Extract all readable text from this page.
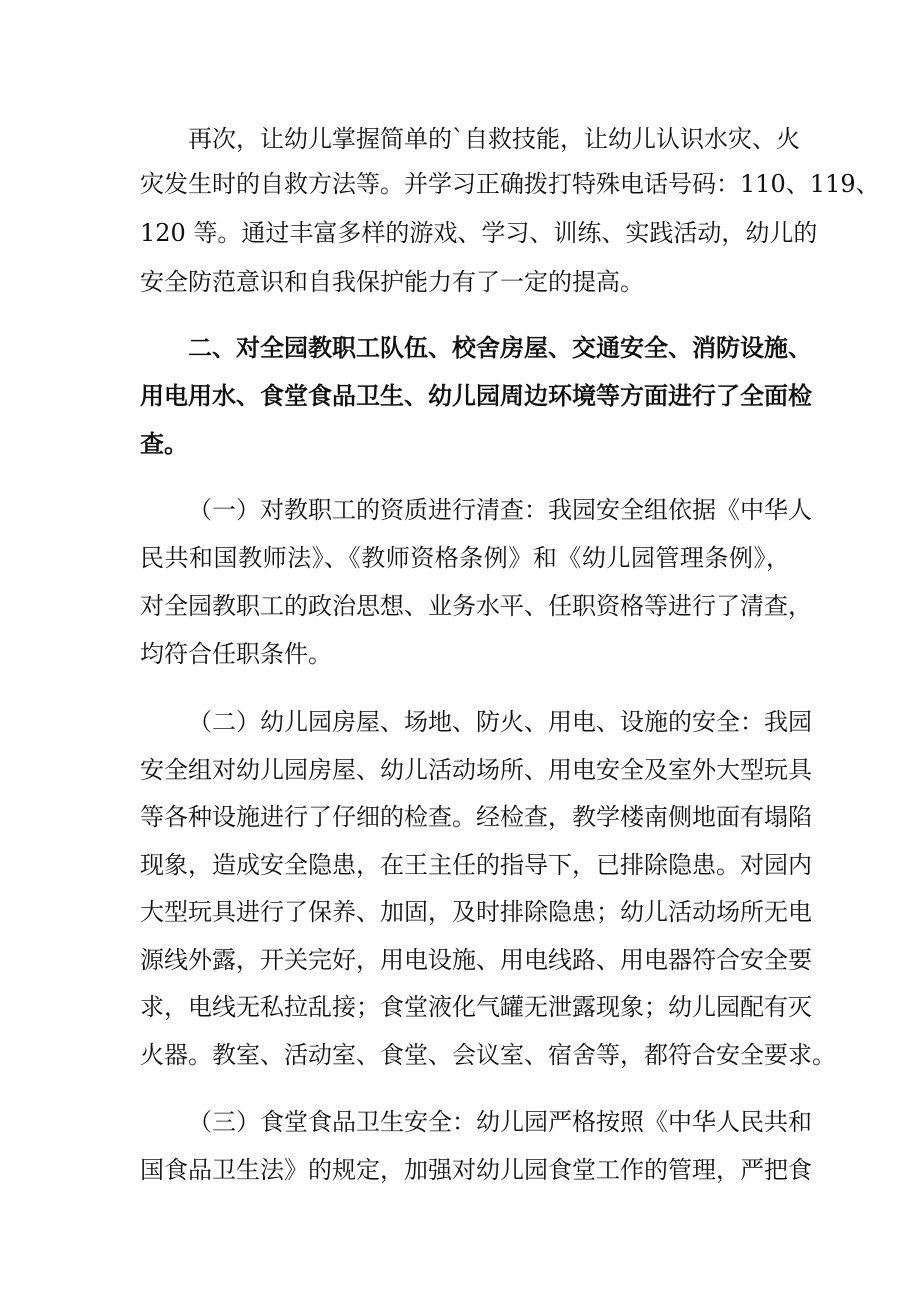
再次，让幼儿掌握简单的`自救技能，让幼儿认识水灾、火
灾发生时的自救方法等。并学习正确拨打特殊电话号码：110、119、
120 等。通过丰富多样的游戏、学习、训练、实践活动，幼儿的
安全防范意识和自我保护能力有了一定的提高。
二、对全园教职工队伍、校舍房屋、交通安全、消防设施、
用电用水、食堂食品卫生、幼儿园周边环境等方面进行了全面检
查。
（一）对教职工的资质进行清查：我园安全组依据《中华人
民共和国教师法》、《教师资格条例》和《幼儿园管理条例》，
对全园教职工的政治思想、业务水平、任职资格等进行了清查，
均符合任职条件。
（二）幼儿园房屋、场地、防火、用电、设施的安全：我园
安全组对幼儿园房屋、幼儿活动场所、用电安全及室外大型玩具
等各种设施进行了仔细的检查。经检查，教学楼南侧地面有塌陷
现象，造成安全隐患，在王主任的指导下，已排除隐患。对园内
大型玩具进行了保养、加固，及时排除隐患；幼儿活动场所无电
源线外露，开关完好，用电设施、用电线路、用电器符合安全要
求，电线无私拉乱接；食堂液化气罐无泄露现象；幼儿园配有灭
火器。教室、活动室、食堂、会议室、宿舍等，都符合安全要求。
（三）食堂食品卫生安全：幼儿园严格按照《中华人民共和
国食品卫生法》的规定，加强对幼儿园食堂工作的管理，严把食
